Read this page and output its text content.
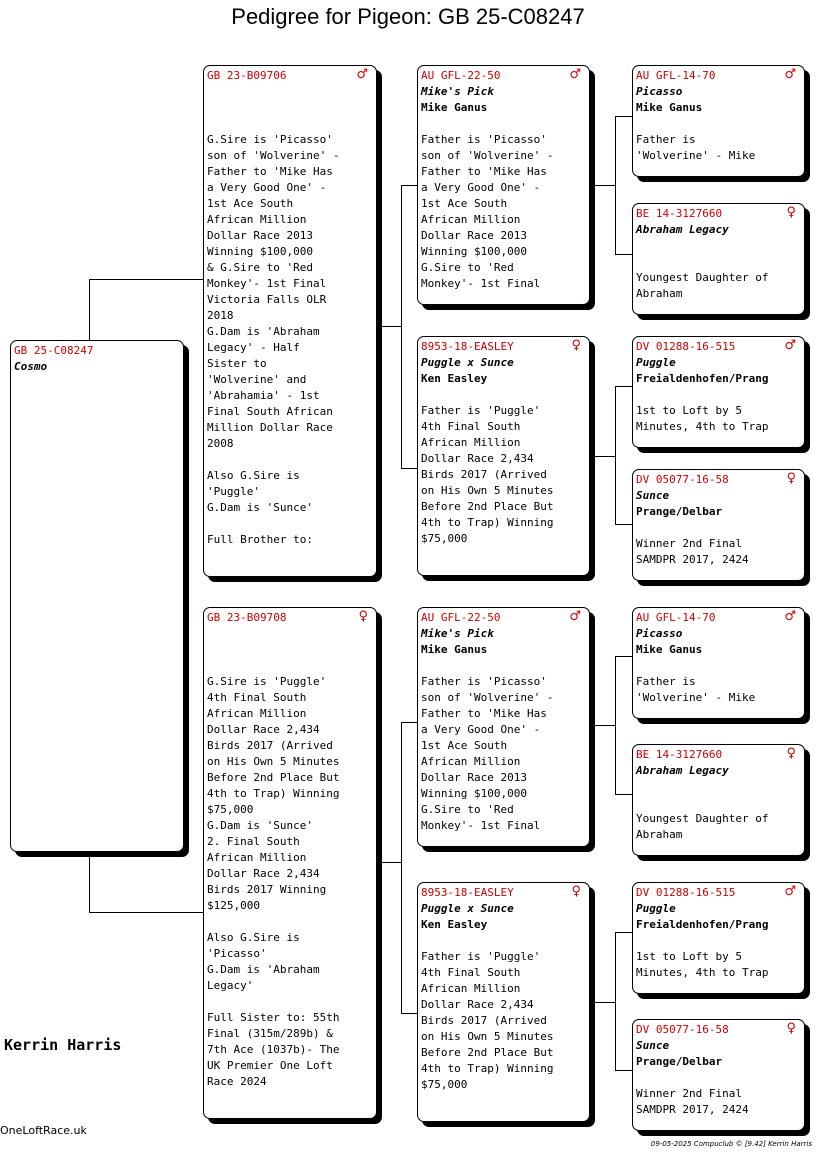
Pedigree for Pigeon: GB 25-C08247
GB 25-C08247
Cosmo
GB 23-B09706	♂

G.Sire is 'Picasso'
son of 'Wolverine' -
Father to 'Mike Has
a Very Good One' -
1st Ace South
African Million
Dollar Race 2013
Winning $100,000
& G.Sire to 'Red
Monkey'- 1st Final
Victoria Falls OLR
2018
G.Dam is 'Abraham
Legacy' - Half
Sister to
'Wolverine' and
'Abrahamia' - 1st
Final South African
Million Dollar Race
2008

Also G.Sire is
'Puggle'
G.Dam is 'Sunce'

Full Brother to:
GB 23-B09708	♀

G.Sire is 'Puggle'
4th Final South
African Million
Dollar Race 2,434
Birds 2017 (Arrived
on His Own 5 Minutes
Before 2nd Place But
4th to Trap) Winning
$75,000
G.Dam is 'Sunce'
2. Final South
African Million
Dollar Race 2,434
Birds 2017 Winning
$125,000

Also G.Sire is
'Picasso'
G.Dam is 'Abraham
Legacy'

Full Sister to: 55th
Final (315m/289b) &
7th Ace (1037b)- The
UK Premier One Loft
Race 2024
AU GFL-22-50	♂
Mike's Pick
Mike Ganus

Father is 'Picasso'
son of 'Wolverine' -
Father to 'Mike Has
a Very Good One' -
1st Ace South
African Million
Dollar Race 2013
Winning $100,000
G.Sire to 'Red
Monkey'- 1st Final
8953-18-EASLEY	♀
Puggle x Sunce
Ken Easley

Father is 'Puggle'
4th Final South
African Million
Dollar Race 2,434
Birds 2017 (Arrived
on His Own 5 Minutes
Before 2nd Place But
4th to Trap) Winning
$75,000
AU GFL-22-50	♂
Mike's Pick
Mike Ganus

Father is 'Picasso'
son of 'Wolverine' -
Father to 'Mike Has
a Very Good One' -
1st Ace South
African Million
Dollar Race 2013
Winning $100,000
G.Sire to 'Red
Monkey'- 1st Final
8953-18-EASLEY	♀
Puggle x Sunce
Ken Easley

Father is 'Puggle'
4th Final South
African Million
Dollar Race 2,434
Birds 2017 (Arrived
on His Own 5 Minutes
Before 2nd Place But
4th to Trap) Winning
$75,000
AU GFL-14-70	♂
Picasso
Mike Ganus

Father is
'Wolverine' - Mike
BE 14-3127660	♀
Abraham Legacy

Youngest Daughter of
Abraham
DV 01288-16-515	♂
Puggle
Freialdenhofen/Prang

1st to Loft by 5
Minutes, 4th to Trap
DV 05077-16-58	♀
Sunce
Prange/Delbar

Winner 2nd Final
SAMDPR 2017, 2424
AU GFL-14-70	♂
Picasso
Mike Ganus

Father is
'Wolverine' - Mike
BE 14-3127660	♀
Abraham Legacy

Youngest Daughter of
Abraham
DV 01288-16-515	♂
Puggle
Freialdenhofen/Prang

1st to Loft by 5
Minutes, 4th to Trap
DV 05077-16-58	♀
Sunce
Prange/Delbar

Winner 2nd Final
SAMDPR 2017, 2424
Kerrin Harris
OneLoftRace.uk
09-05-2025 Compuclub © [9.42] Kerrin Harris
